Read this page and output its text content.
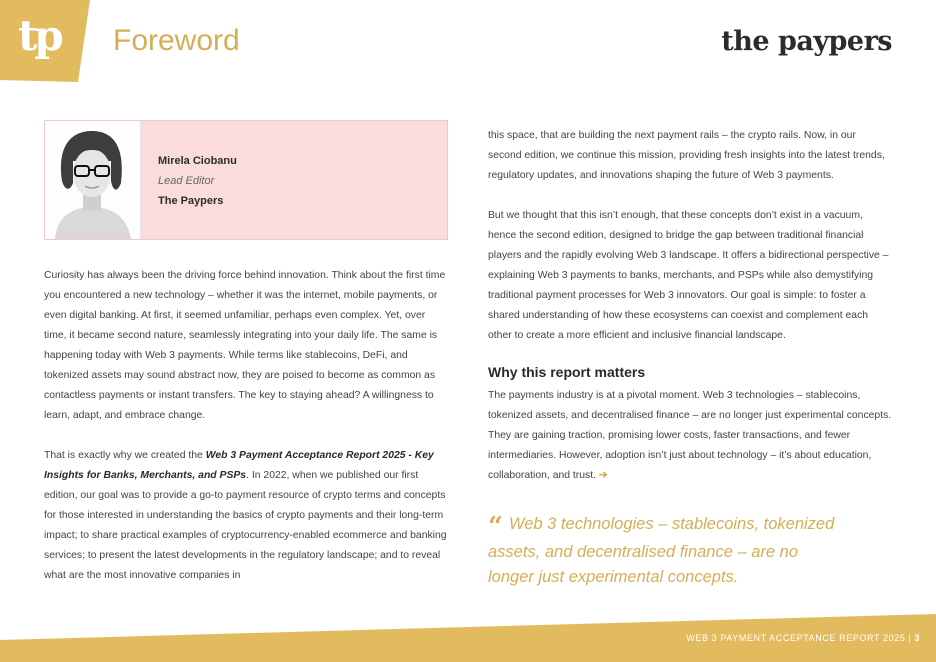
tp Foreword	the paypers
Mirela Ciobanu
Lead Editor
The Paypers

Curiosity has always been the driving force behind innovation. Think about the first time you encountered a new technology – whether it was the internet, mobile payments, or even digital banking. At first, it seemed unfamiliar, perhaps even complex. Yet, over time, it became second nature, seamlessly integrating into your daily life. The same is happening today with Web 3 payments. While terms like stablecoins, DeFi, and tokenized assets may sound abstract now, they are poised to become as common as contactless payments or instant transfers. The key to staying ahead? A willingness to learn, adapt, and embrace change.

That is exactly why we created the Web 3 Payment Acceptance Report 2025 - Key Insights for Banks, Merchants, and PSPs. In 2022, when we published our first edition, our goal was to provide a go-to payment resource of crypto terms and concepts for those interested in understanding the basics of crypto payments and their long-term impact; to share practical examples of cryptocurrency-enabled ecommerce and banking services; to present the latest developments in the regulatory landscape; and to reveal what are the most innovative companies in

this space, that are building the next payment rails – the crypto rails. Now, in our second edition, we continue this mission, providing fresh insights into the latest trends, regulatory updates, and innovations shaping the future of Web 3 payments.

But we thought that this isn’t enough, that these concepts don’t exist in a vacuum, hence the second edition, designed to bridge the gap between traditional financial players and the rapidly evolving Web 3 landscape. It offers a bidirectional perspective – explaining Web 3 payments to banks, merchants, and PSPs while also demystifying traditional payment processes for Web 3 innovators. Our goal is simple: to foster a shared understanding of how these ecosystems can coexist and complement each other to create a more efficient and inclusive financial landscape.

Why this report matters

The payments industry is at a pivotal moment. Web 3 technologies – stablecoins, tokenized assets, and decentralised finance – are no longer just experimental concepts. They are gaining traction, promising lower costs, faster transactions, and fewer intermediaries. However, adoption isn’t just about technology – it’s about education, collaboration, and trust. ➔

“ Web 3 technologies – stablecoins, tokenized assets, and decentralised finance – are no longer just experimental concepts.
WEB 3 PAYMENT ACCEPTANCE REPORT 2025 | 3
